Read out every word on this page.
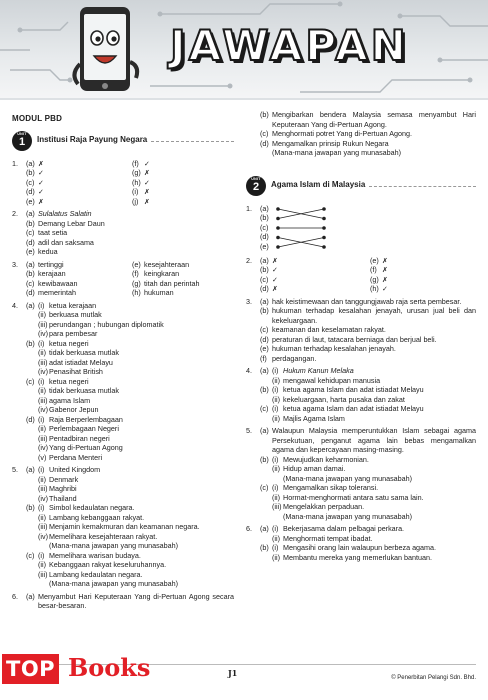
JAWAPAN
MODUL PBD
UNIT
1 Institusi Raja Payung Negara
1.	(a) ✗
(b) ✓
(c) ✓
(d) ✓
(e) ✗
(f) ✓
(g) ✗
(h) ✓
(i) ✗
(j) ✗
2.	(a) Sulalatus Salatin
(b) Demang Lebar Daun
(c) taat setia
(d) adil dan saksama
(e) kedua
3.	(a) tertinggi
(b) kerajaan
(c) kewibawaan
(d) memerintah
(e) kesejahteraan
(f) keingkaran
(g) titah dan perintah
(h) hukuman
4.	(a) (i) ketua kerajaan
(ii) berkuasa mutlak
(iii) perundangan ; hubungan diplomatik
(iv) para pembesar
(b) (i) ketua negeri
(ii) tidak berkuasa mutlak
(iii) adat istiadat Melayu
(iv) Penasihat British
(c) (i) ketua negeri
(ii) tidak berkuasa mutlak
(iii) agama Islam
(iv) Gabenor Jepun
(d) (i) Raja Berperlembagaan
(ii) Perlembagaan Negeri
(iii) Pentadbiran negeri
(iv) Yang di-Pertuan Agong
(v) Perdana Menteri
5.	(a) (i) United Kingdom
(ii) Denmark
(iii) Maghribi
(iv) Thailand
(b) (i) Simbol kedaulatan negara.
(ii) Lambang kebanggaan rakyat.
(iii) Menjamin kemakmuran dan keamanan negara.
(iv) Memelihara kesejahteraan rakyat.
(Mana-mana jawapan yang munasabah)
(c) (i) Memelihara warisan budaya.
(ii) Kebanggaan rakyat keseluruhannya.
(iii) Lambang kedaulatan negara.
(Mana-mana jawapan yang munasabah)
6.	(a) Menyambut Hari Keputeraan Yang di-Pertuan Agong secara besar-besaran.
(b) Mengibarkan bendera Malaysia semasa menyambut Hari Keputeraan Yang di-Pertuan Agong.
(c) Menghormati potret Yang di-Pertuan Agong.
(d) Mengamalkan prinsip Rukun Negara
(Mana-mana jawapan yang munasabah)
UNIT
2 Agama Islam di Malaysia
1.	(a)
(b)
(c)
(d)
(e)
2.	(a) ✗
(b) ✓
(c) ✓
(d) ✗
(e) ✗
(f) ✗
(g) ✗
(h) ✓
3.	(a) hak keistimewaan dan tanggungjawab raja serta pembesar.
(b) hukuman terhadap kesalahan jenayah, urusan jual beli dan kekeluargaan.
(c) keamanan dan keselamatan rakyat.
(d) peraturan di laut, tatacara berniaga dan berjual beli.
(e) hukuman terhadap kesalahan jenayah.
(f) perdagangan.
4.	(a) (i) Hukum Kanun Melaka
(ii) mengawal kehidupan manusia
(b) (i) ketua agama Islam dan adat istiadat Melayu
(ii) kekeluargaan, harta pusaka dan zakat
(c) (i) ketua agama Islam dan adat istiadat Melayu
(ii) Majlis Agama Islam
5.	(a) Walaupun Malaysia memperuntukkan Islam sebagai agama Persekutuan, penganut agama lain bebas mengamalkan agama dan kepercayaan masing-masing.
(b) (i) Mewujudkan keharmonian.
(ii) Hidup aman damai.
(Mana-mana jawapan yang munasabah)
(c) (i) Mengamalkan sikap toleransi.
(ii) Hormat-menghormati antara satu sama lain.
(iii) Mengelakkan perpaduan.
(Mana-mana jawapan yang munasabah)
6.	(a) (i) Bekerjasama dalam pelbagai perkara.
(ii) Menghormati tempat ibadat.
(b) (i) Mengasihi orang lain walaupun berbeza agama.
(ii) Membantu mereka yang memerlukan bantuan.
J1	© Penerbitan Pelangi Sdn. Bhd.
TOP Books
